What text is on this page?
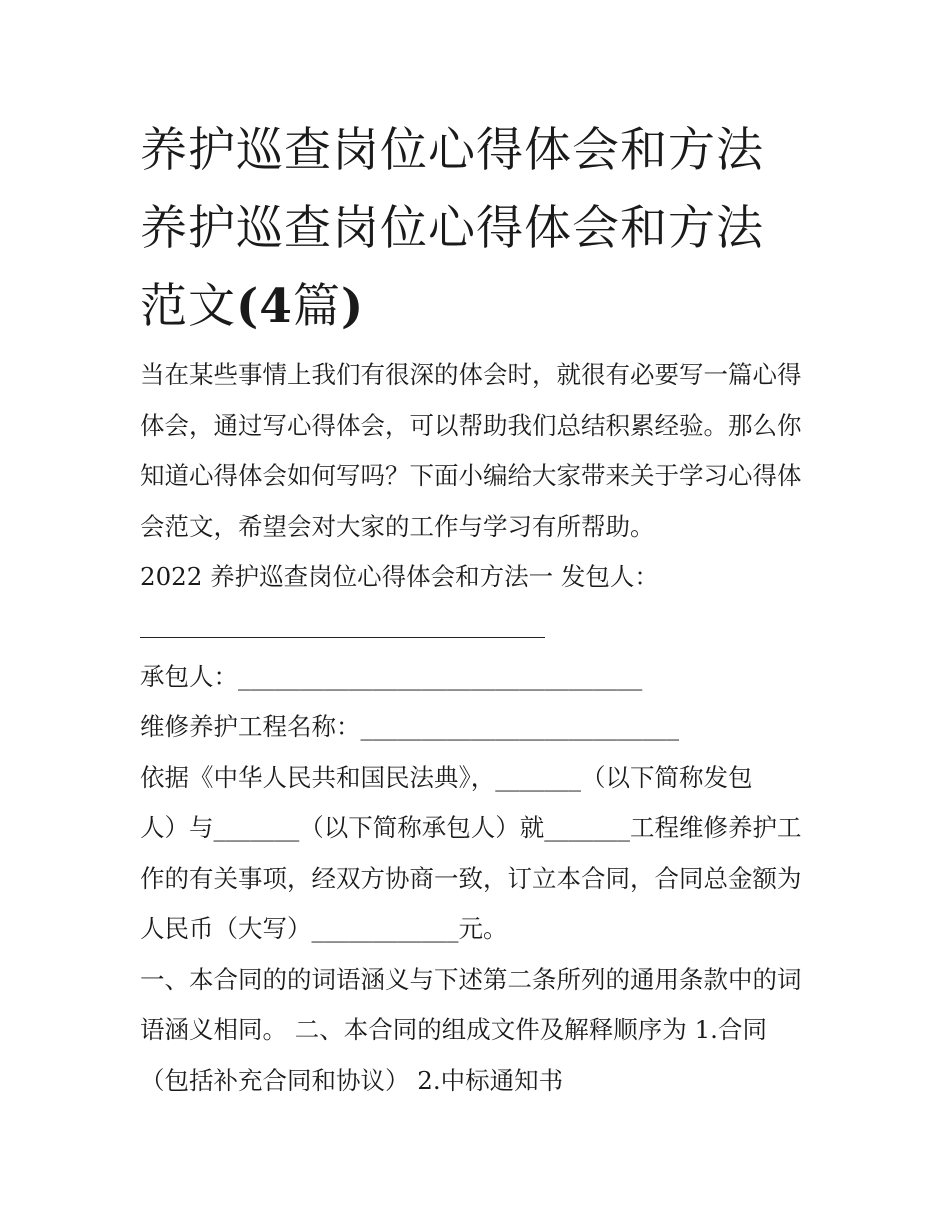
养护巡查岗位心得体会和方法
养护巡查岗位心得体会和方法
范文(4篇)

当在某些事情上我们有很深的体会时，就很有必要写一篇心得

体会，通过写心得体会，可以帮助我们总结积累经验。那么你

知道心得体会如何写吗？下面小编给大家带来关于学习心得体

会范文，希望会对大家的工作与学习有所帮助。

2022 养护巡查岗位心得体会和方法一 发包人：

承包人：_________________________________

维修养护工程名称：__________________________

依据《中华人民共和国民法典》，_______（以下简称发包

人）与_______（以下简称承包人）就_______工程维修养护工

作的有关事项，经双方协商一致，订立本合同，合同总金额为

人民币（大写）____________元。

一、本合同的的词语涵义与下述第二条所列的通用条款中的词

语涵义相同。 二、本合同的组成文件及解释顺序为 1.合同

（包括补充合同和协议） 2.中标通知书
